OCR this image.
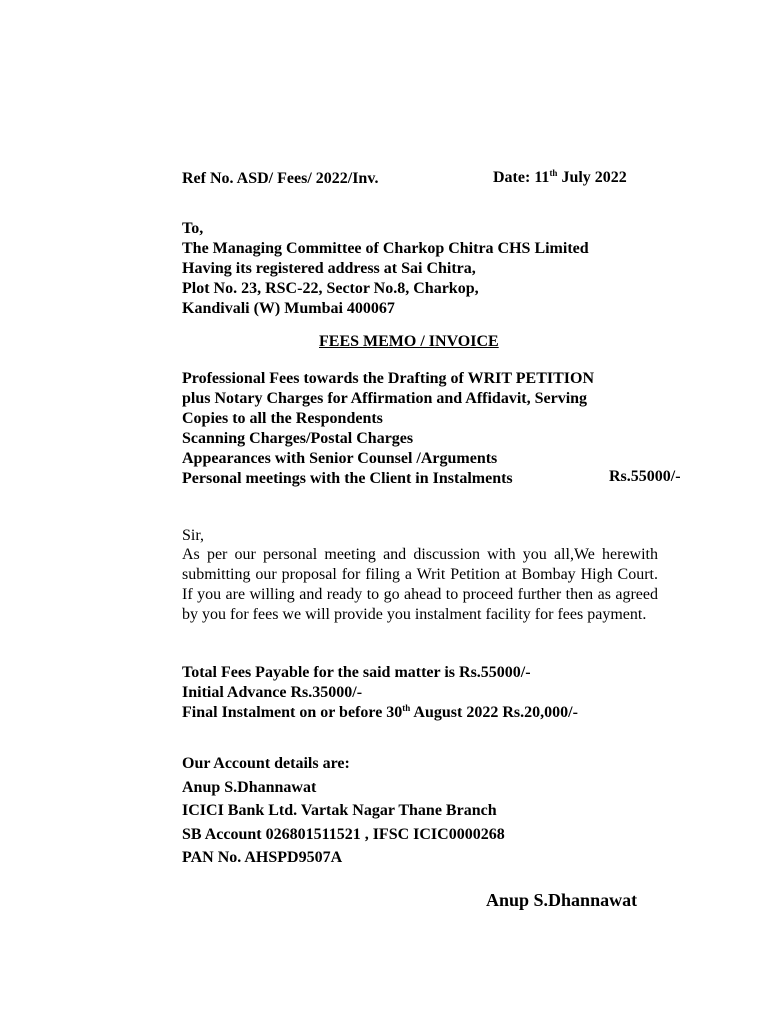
Ref No. ASD/ Fees/ 2022/Inv.	Date: 11th July 2022
To,
The Managing Committee of Charkop Chitra CHS Limited
Having its registered address at Sai Chitra,
Plot No. 23, RSC-22, Sector No.8, Charkop,
Kandivali (W) Mumbai 400067
FEES MEMO / INVOICE
Professional Fees towards the Drafting of WRIT PETITION
plus Notary Charges for Affirmation and Affidavit, Serving
Copies to all the Respondents
Scanning Charges/Postal Charges
Appearances with Senior Counsel /Arguments
Personal meetings with the Client in Instalments	Rs.55000/-
Sir,
As per our personal meeting and discussion with you all,We herewith submitting our proposal for filing a Writ Petition at Bombay High Court. If you are willing and ready to go ahead to proceed further then as agreed by you for fees we will provide you instalment facility for fees payment.
Total Fees Payable for the said matter is Rs.55000/-
Initial Advance Rs.35000/-
Final Instalment on or before 30th August 2022 Rs.20,000/-
Our Account details are:
Anup S.Dhannawat
ICICI Bank Ltd. Vartak Nagar Thane Branch
SB Account 026801511521 , IFSC ICIC0000268
PAN No. AHSPD9507A
Anup S.Dhannawat
